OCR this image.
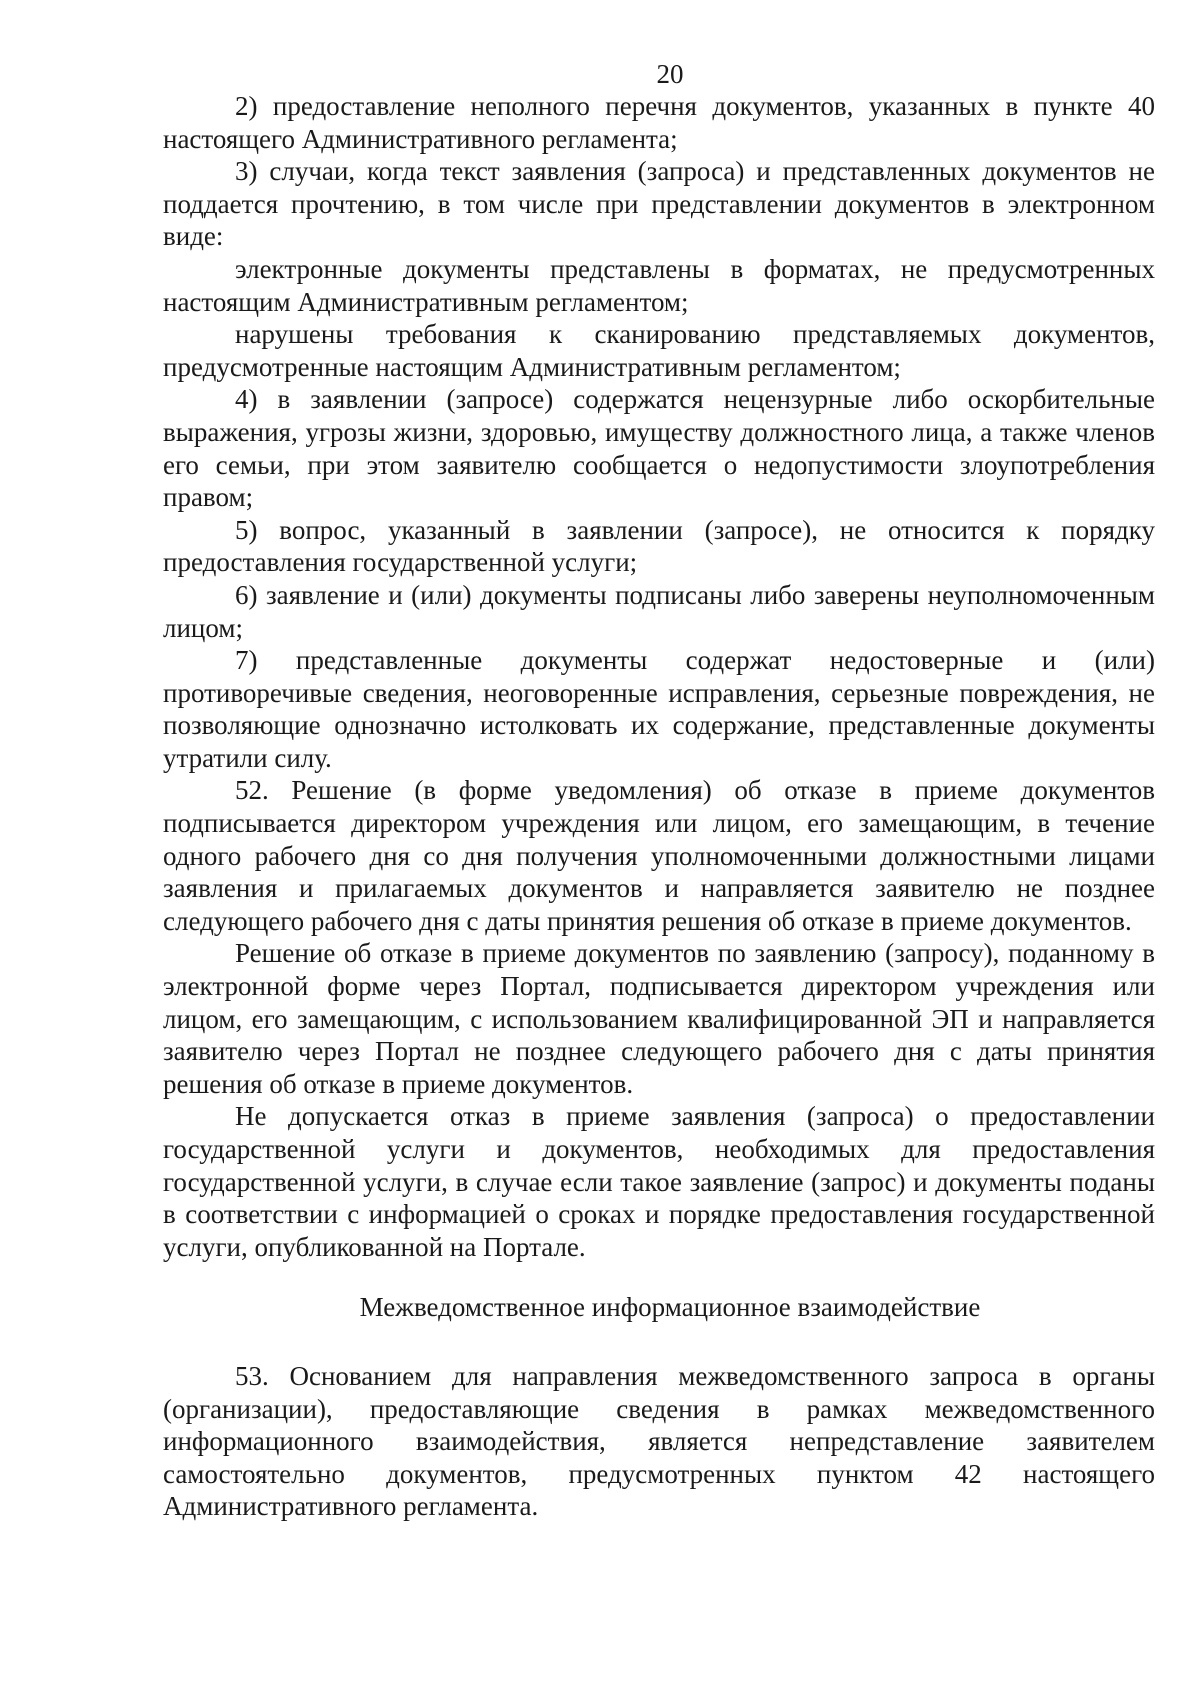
20

2) предоставление неполного перечня документов, указанных в пункте 40 настоящего Административного регламента;

3) случаи, когда текст заявления (запроса) и представленных документов не поддается прочтению, в том числе при представлении документов в электронном виде:

электронные документы представлены в форматах, не предусмотренных настоящим Административным регламентом;

нарушены требования к сканированию представляемых документов, предусмотренные настоящим Административным регламентом;

4) в заявлении (запросе) содержатся нецензурные либо оскорбительные выражения, угрозы жизни, здоровью, имуществу должностного лица, а также членов его семьи, при этом заявителю сообщается о недопустимости злоупотребления правом;

5) вопрос, указанный в заявлении (запросе), не относится к порядку предоставления государственной услуги;

6) заявление и (или) документы подписаны либо заверены неуполномоченным лицом;

7) представленные документы содержат недостоверные и (или) противоречивые сведения, неоговоренные исправления, серьезные повреждения, не позволяющие однозначно истолковать их содержание, представленные документы утратили силу.

52. Решение (в форме уведомления) об отказе в приеме документов подписывается директором учреждения или лицом, его замещающим, в течение одного рабочего дня со дня получения уполномоченными должностными лицами заявления и прилагаемых документов и направляется заявителю не позднее следующего рабочего дня с даты принятия решения об отказе в приеме документов.

Решение об отказе в приеме документов по заявлению (запросу), поданному в электронной форме через Портал, подписывается директором учреждения или лицом, его замещающим, с использованием квалифицированной ЭП и направляется заявителю через Портал не позднее следующего рабочего дня с даты принятия решения об отказе в приеме документов.

Не допускается отказ в приеме заявления (запроса) о предоставлении государственной услуги и документов, необходимых для предоставления государственной услуги, в случае если такое заявление (запрос) и документы поданы в соответствии с информацией о сроках и порядке предоставления государственной услуги, опубликованной на Портале.

Межведомственное информационное взаимодействие

53. Основанием для направления межведомственного запроса в органы (организации), предоставляющие сведения в рамках межведомственного информационного взаимодействия, является непредставление заявителем самостоятельно документов, предусмотренных пунктом 42 настоящего Административного регламента.
